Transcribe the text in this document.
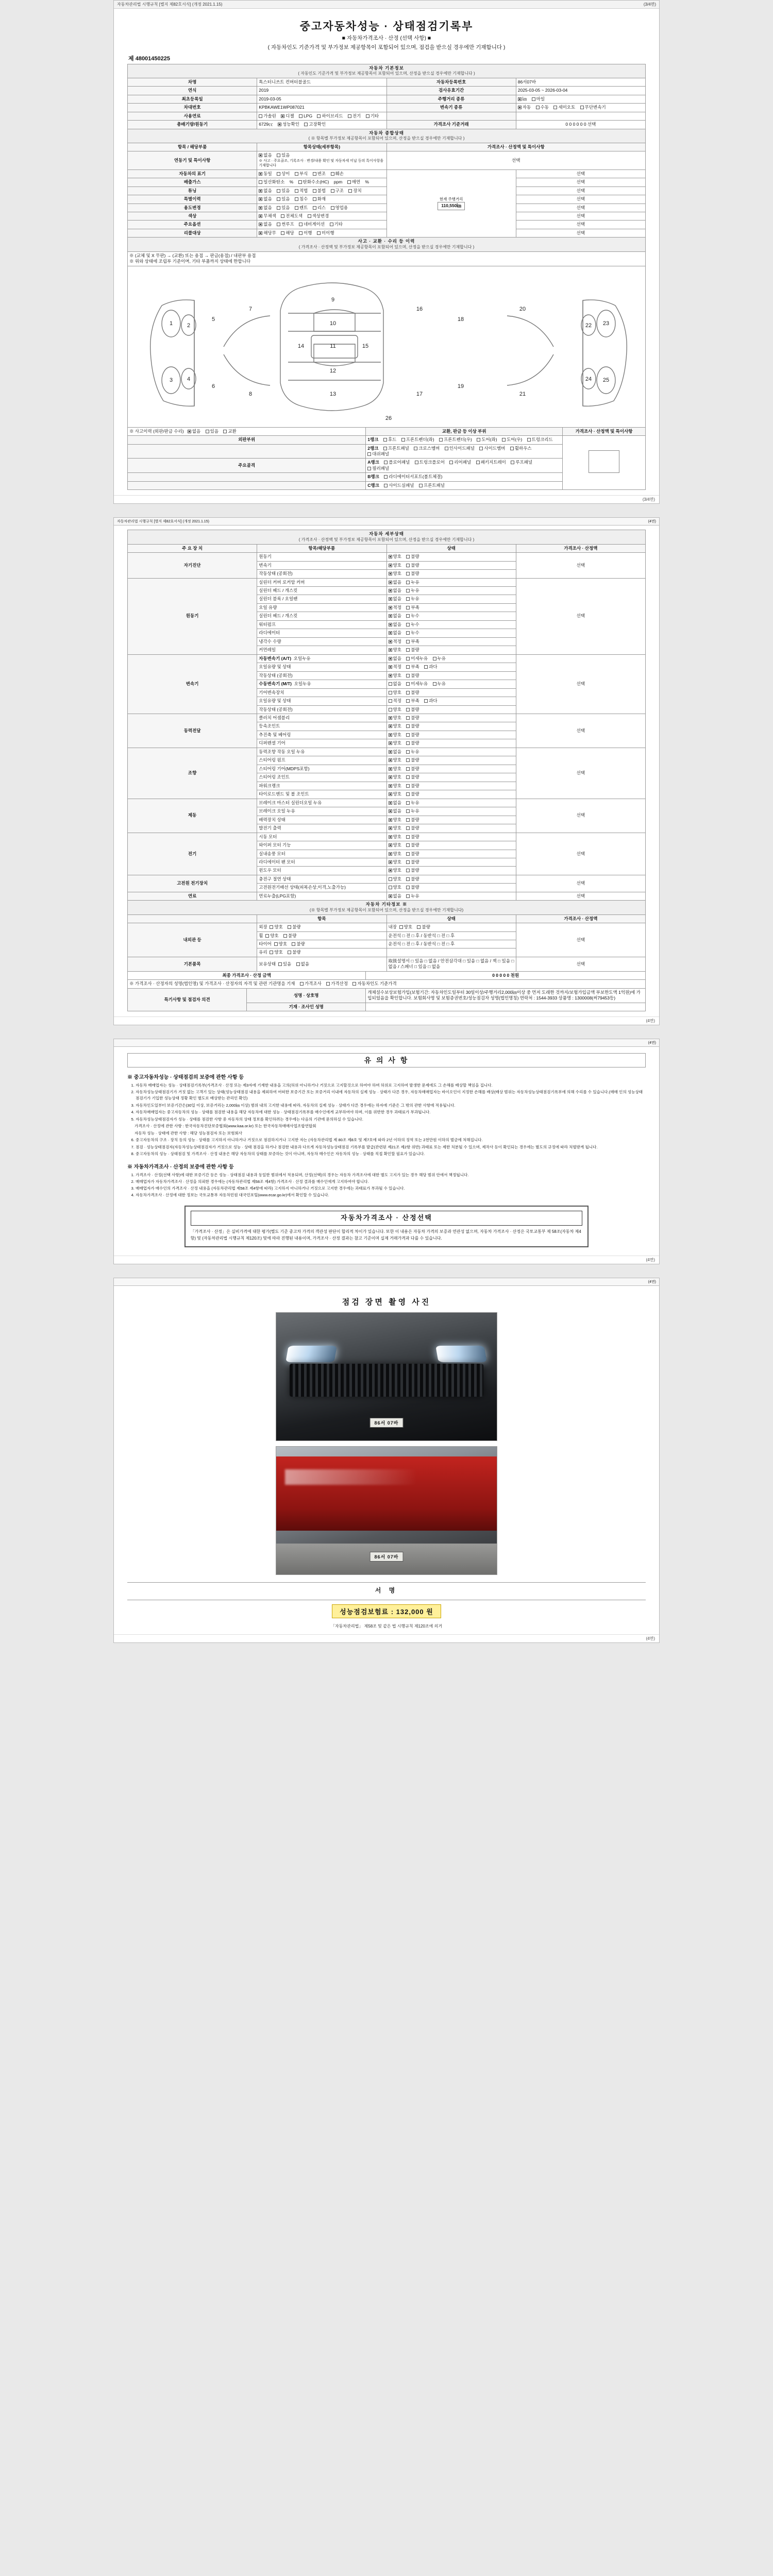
자동차관리법 시행규칙 [별지 제82호서식] (개정 2021.1.15)	(3/4면)
중고자동차성능 · 상태점검기록부
■ 자동차가격조사 · 산정 (선택 사항) ■
( 자동차인도 기준가격 및 부가정보 제공항목이 포함되어 있으며, 점검을 받으실 경우에만 기재합니다 )
제 48001450225
자동차 기본정보
( 자동인도 기준가격 및 부가정보 제공항목이 포함되어 있으며, 산정을 받으실 경우에만 기재합니다 )			

차명	톡스터니쓰트 컨버터블골드	자동차등록번호	86서07바
연식	2019	검사유효기간	2025-03-05 ~ 2026-03-04
최초등록일	2019-03-05	주행거리 종류	㎞ 마일
차대번호	KPBKAWE1WP087021	변속기 종류	자동 수동 세미오토 무단변속기
사용연료	가솔린 디젤 LPG 하이브리드 전기 기타		
총배기량/원동기	6729㏄ 성능확인 고장확인	가격조사 기준거래	0 0 0 0 0 0 선택
자동차 종합상태
( ※ 항목별 부가정보 제공항목이 포함되어 있으며, 산정을 받으실 경우에만 기재합니다 )			

항목 / 해당부품	항목상태(세부항목)	가격조사 · 산정액 및 특이사항	
연동기 및 특이사항	없음 있음
※ 사고 · 주요골조, 기록조사 · 변경/내용 확인 및 자동차세 미납 등의 특이사항을 기재합니다	선택	
자동차의 표기	동일 상이 부식 변조 훼손	현재 주행거리
110,550㎞	선택
배출가스	일산화탄소 % 탄화수소(HC) ppm 매연 %		선택
튜닝	없음 있음 적법 불법 구조 장치		선택
특별이력	없음 있음 침수 화재		선택
용도변경	없음 있음 렌트 리스 영업용		선택
색상	무채색 전체도색 색상변경		선택
주요옵션	없음 썬루프 네비게이션 기타		선택
리콜대상	해당무 해당 이행 미이행		선택
사고 · 교환 · 수리 등 이력
( 가격조사 · 산정액 및 부가정보 제공항목이 포함되어 있으며, 산정을 받으실 경우에만 기재합니다 )

※ (교체 및 X 무판) → (교환) 또는 용접 → 판금(용접) / 내판부 용접
※ 위와 상태에 조립부 기준이며, 기타 부품까지 상태에 한합니다
1	2
3	4
5
6
7
8
9
10
11
12
13
14	15
16
17
18
19
20
21
22 23
24 25
26
※ 사고이력 (외판/판금 수리) 없음 있음 교환	교환, 판금 등 이상 부위	가격조사 · 산정액 및 특이사항
외판부위	1랭크 후드 프론트펜더(좌) 프론트펜더(우) 도어(좌) 도어(우) 트렁크리드	
	2랭크 프론트패널 크로스멤버 인사이드패널 사이드멤버 휠하우스 대쉬패널	
주요골격	A랭크 플로어패널 트렁크플로어 리어패널 패키지트레이 루프패널 필러패널	
	B랭크 라디에이터서포트(볼트체결)	
	C랭크 사이드실패널 프론트패널	
(3/4면)
자동차관리법 시행규칙 [별지 제82호서식] (개정 2021.1.15)	(4면)
자동차 세부상태
( 가격조사 · 산정액 및 부가정보 제공항목이 포함되어 있으며, 산정을 받으실 경우에만 기재합니다 )			

주 요 장 치	항목/해당부품	상태	가격조사 · 산정액
자기진단	원동기	양호 불량	선택
	변속기	양호 불량	
	작동상태 (공회전)	양호 불량	
원동기	실린더 커버 로커암 커버	없음 누유	선택
	실린더 헤드 / 개스킷	없음 누유	
	실린더 블록 / 오일팬	없음 누유	
	오일 유량	적정 부족	
	실린더 헤드 / 개스킷	없음 누수	
	워터펌프	없음 누수	
	라디에이터	없음 누수	
	냉각수 수량	적정 부족	
	커먼레일	양호 불량	
변속기	자동변속기 (A/T) 오일누유	없음 미세누유 누유	선택
	오일유량 및 상태	적정 부족 과다	
	작동상태 (공회전)	양호 불량	
	수동변속기 (M/T) 오일누유	없음 미세누유 누유	
	기어변속장치	양호 불량	
	오일유량 및 상태	적정 부족 과다	
	작동상태 (공회전)	양호 불량	
동력전달	클러치 어셈블리	양호 불량	선택
	등속조인트	양호 불량	
	추진축 및 베어링	양호 불량	
	디퍼렌셜 기어	양호 불량	
조향	동력조향 작동 오일 누유	없음 누유	선택
	스티어링 펌프	양호 불량	
	스티어링 기어(MDPS포함)	양호 불량	
	스티어링 조인트	양호 불량	
	파워크랭크	양호 불량	
	타이로드엔드 및 볼 조인트	양호 불량	
제동	브레이크 마스터 실린더오일 누유	없음 누유	선택
	브레이크 오일 누유	없음 누유	
	배력장치 상태	양호 불량	
	발전기 출력	양호 불량	
전기	시동 모터	양호 불량	선택
	와이퍼 모터 기능	양호 불량	
	실내송풍 모터	양호 불량	
	라디에이터 팬 모터	양호 불량	
	윈도우 모터	양호 불량	
고전원 전기장치	충전구 절연 상태	양호 불량	선택
	고전원전기배선 상태(피복손상,이격,노출가능)	양호 불량	
연료	연료누출(LPG포함)	없음 누유	선택
자동차 기타정보 ※
(※ 항목별 부가정보 제공항목이 포함되어 있으며, 산정을 받으실 경우에만 기재합니다)			

	항목	상태	가격조사 · 산정액
내외관 등	외장 양호 불량	내장 양호 불량	선택
	휠 양호 불량	운전석 □ 전 □ 후 / 동반석 □ 전 □ 후	
	타이어 양호 불량	운전석 □ 전 □ 후 / 동반석 □ 전 □ 후	
	유리 양호 불량		
기본품목	보유상태 있음 없음	取扱설명서 □ 있음 □ 없음 / 안전삼각대 □ 있음 □ 없음 / 잭 □ 있음 □ 없음 / 스패너 □ 있음 □ 없음	선택
최종 가격조사 · 산정 금액		0 0 0 0 0 천원
※ 가격조사 · 산정자의 성명(법인명) 및 가격조사 · 산정자의 자격 및 관련 기관명을 기재 가격조사 가격산정 자동차인도 기준가격		
특기사항 및 점검자 의견	성명 · 상호명	개체설수보상보험가입(보험기간: 자동차인도일부터 30일이상/주행거리2,000㎞이상 중 먼저 도래한 것까지/보험가입금액 부보한도액 1억원)에 가입되었음을 확인합니다. 보험회사명 및 보험증권번호/성능점검자 성명(법인명칭) 연락처 : 1544-3933 상품명 : 1300008(써79453등)
	기재 · 조사인 성명	
(4면)
(4면)
유 의 사 항
※ 중고자동차성능 · 상태점검의 보증에 관한 사항 등
1. 자동차 매매업자는 성능 · 상태점검기록부(가격조사 · 산정 또는 제3자에 기재한 내용을 고의(허위 아니하거나 거짓으로 고지할것으로 하여야 하며 허위로 고지하여 발생한 문제에도 그 손해를 배상할 책임을 집니다.
2. 자동차성능상태점검기가 거짓 없는 고객기 있는 상태(성능상태점검 내용을 제외하여 어떠한 보증기간 또는 보증거리 이내에 자동차의 실제 성능 · 상태가 다른 경우, 자동차매매업자는 바이오인이 지정한 손해를 배상(배상 범위는 자동차성능상태점검기록부에 의해 수리를 수 있습니다.(매매 인의 성능상태점검기가 기입한 성능상태 정황 확인 별도로 배상받는 관리인 확인)
3. 자동차인도일부터 보증기간은(30일 이상, 보증거리는 2,000㎞ 이상) 범위 내의 고지한 내용에 따라, 자동차의 실제 성능 · 상태가 다른 경우에는 하자에 기준은 그 밖의 관한 사항에 적용됩니다.
4. 자동차매매업자는 중고자동차의 성능 · 상태를 점검한 내용을 해당 자동차에 대한 성능 · 상태점검기록부를 매수인에게 교부하여야 하며, 이를 위반한 경우 과태료가 부과됩니다.
5. 자동차성능상태점검자가 성능 · 상태를 점검한 사항 중 자동차의 상태 정보를 확인하려는 경우에는 다음의 기관에 문의하실 수 있습니다.
가격조사 · 산정에 관한 사항 : 한국자동차진단보증협회(www.kaa.or.kr) 또는 한국자동차매매사업조합연합회
자동차 성능 · 상태에 관한 사항 : 해당 성능점검자 또는 보험회사
6. 중고자동차의 구조 · 장치 등의 성능 · 상태를 고지하지 아니하거나 거짓으로 점검하지거나 고지한 자는 (자동차관리법 제 80조 제8호 및 제7호에 따라 2년 이하의 징역 또는 2천만원 이하의 벌금에 처해집니다.
7. 점검 · 성능상태점검자(자동차성능상태점검자가 거짓으로 성능 · 상태 점검을 하거나 점검한 내용과 다르게 자동차성능상태점검 기록부를 발급(관련된 제21조 제2항 위반) 과태료 또는 제한 처분될 수 있으며, 제작사 등이 확인되는 경우에는 별도의 규정에 따라 처벌받게 됩니다.
8. 중고자동차의 성능 · 상태점검 및 가격조사 · 산정 내용은 해당 자동차의 상태를 보증하는 것이 아니며, 자동차 매수인은 자동차의 성능 · 상태를 직접 확인할 필요가 있습니다.
※ 자동차가격조사 · 산정의 보증에 관한 사항 등
1. 가격조사 · 산정(선택 사항)에 대한 보증기간 등은 성능 · 상태점검 내용과 동일한 범위에서 적용되며, 산정(선택)의 경우는 자동차 가격조사에 대한 별도 고지가 있는 경우 해당 범위 안에서 책정됩니다.
2. 매매업자가 자동차가격조사 · 산정을 의뢰한 경우에는 (자동차관리법 제58조 제4항) 가격조사 · 산정 결과를 매수인에게 고지하여야 합니다.
3. 매매업자가 매수인의 가격조사 · 산정 내용을 (자동차관리법 제58조 제4항에 따라) 고지하지 아니하거나 거짓으로 고지한 경우에는 과태료가 부과될 수 있습니다.
4. 자동차가격조사 · 산정에 대한 정보는 국토교통부 자동차민원 대국민포털(www.ecar.go.kr)에서 확인할 수 있습니다.
자동차가격조사 · 산정선택
「가격조사 · 산정」은 실비가격에 대한 평가(별도 기준 중고차 가격의 객관성 판단이 합리적 차이가 있습니다. 또한 이 내용은 자동차 가격의 보증과 연관성 없으며, 자동차 가격조사 · 산정은 국토교통부 제 58조(자동차 제4항) 및 (자동차관리법 시행규칙 제120조) 및에 따라 진행된 내용이며, 가격조사 · 산정 결과는 참고 기준이며 실제 거래가격과 다를 수 있습니다.
(4면)
(4면)
점검 장면 촬영 사진
86서 07바
86서 07바
서 명
성능점검보험료 : 132,000 원
「자동차관리법」 제58조 및 같은 법 시행규칙 제120조에 의거
(4면)
